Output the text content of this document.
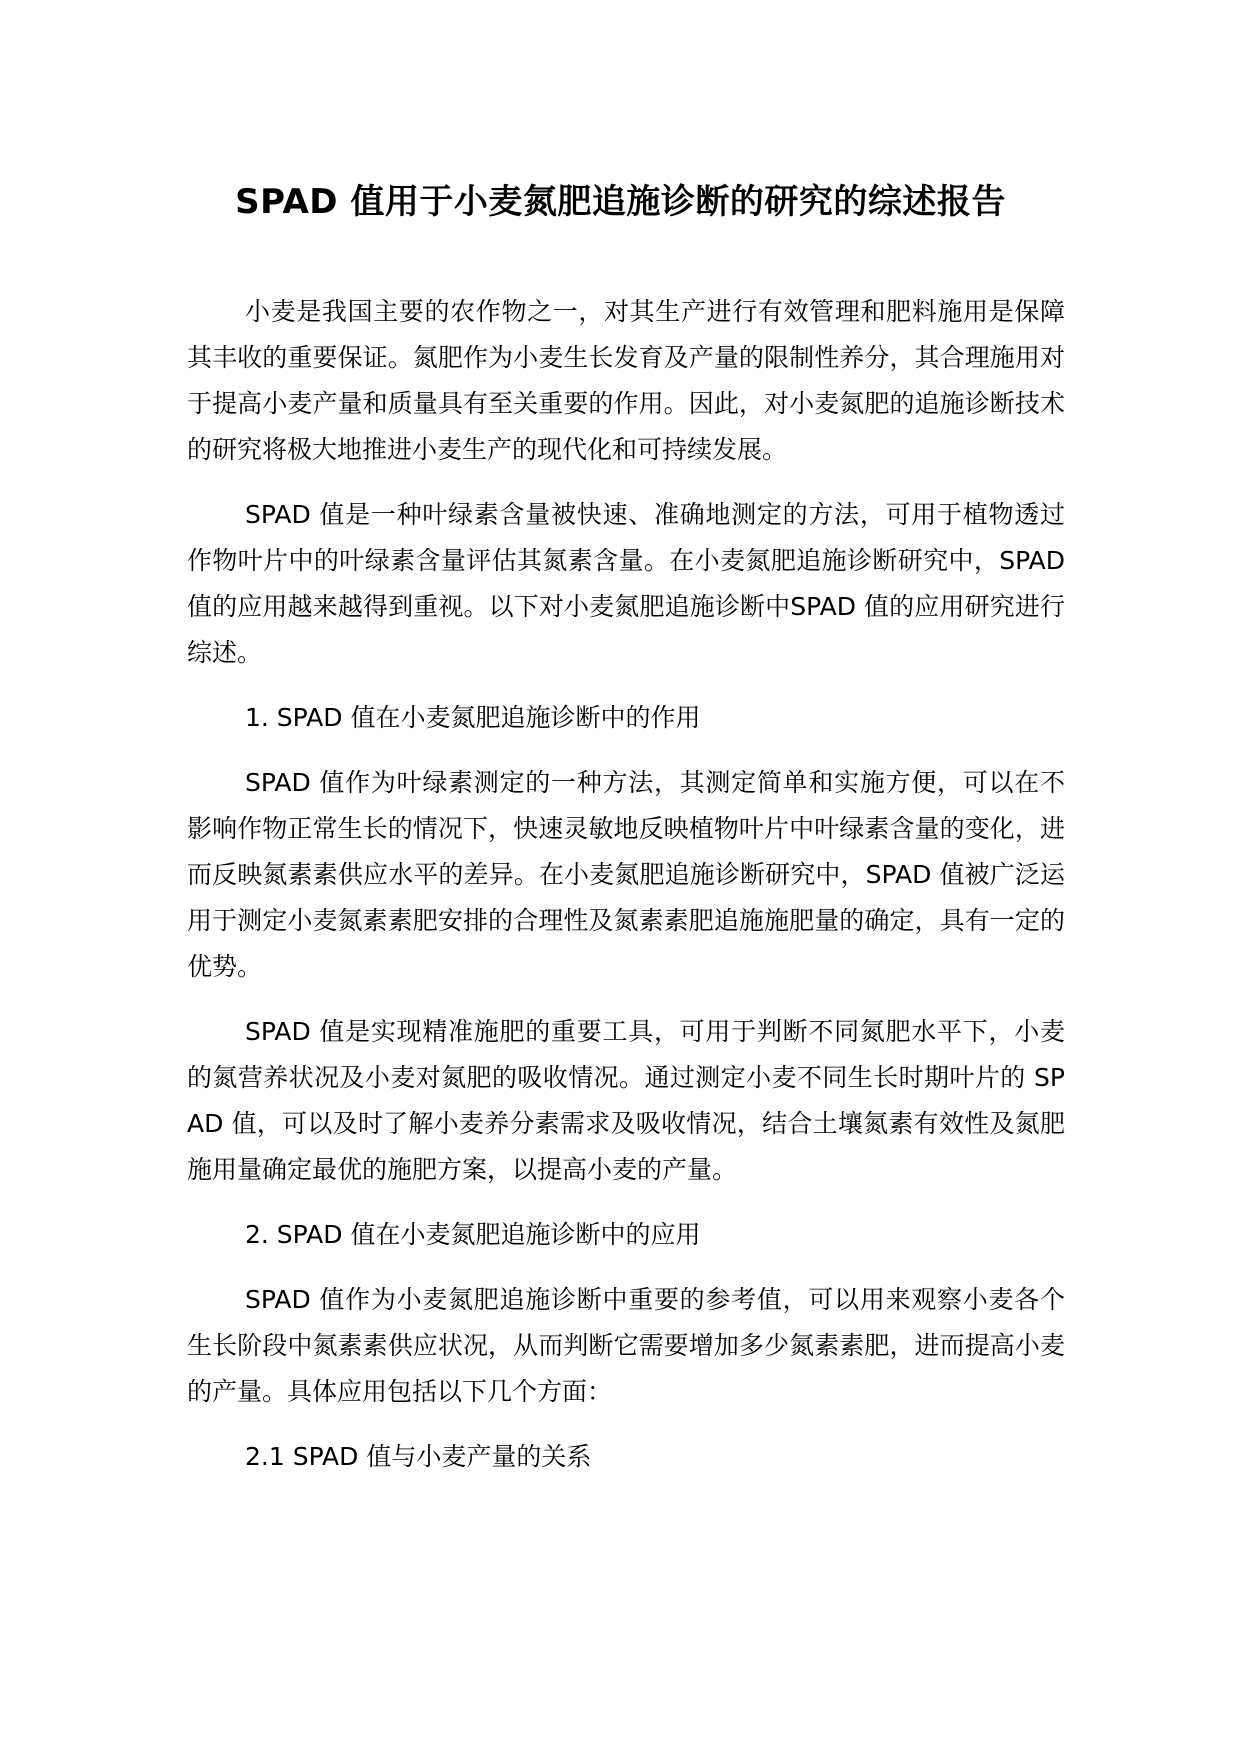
SPAD 值用于小麦氮肥追施诊断的研究的综述报告

小麦是我国主要的农作物之一，对其生产进行有效管理和肥料施用是保障其丰收的重要保证。氮肥作为小麦生长发育及产量的限制性养分，其合理施用对于提高小麦产量和质量具有至关重要的作用。因此，对小麦氮肥的追施诊断技术的研究将极大地推进小麦生产的现代化和可持续发展。

SPAD 值是一种叶绿素含量被快速、准确地测定的方法，可用于植物透过作物叶片中的叶绿素含量评估其氮素含量。在小麦氮肥追施诊断研究中，SPAD 值的应用越来越得到重视。以下对小麦氮肥追施诊断中SPAD 值的应用研究进行综述。

1. SPAD 值在小麦氮肥追施诊断中的作用

SPAD 值作为叶绿素测定的一种方法，其测定简单和实施方便，可以在不影响作物正常生长的情况下，快速灵敏地反映植物叶片中叶绿素含量的变化，进而反映氮素素供应水平的差异。在小麦氮肥追施诊断研究中，SPAD 值被广泛运用于测定小麦氮素素肥安排的合理性及氮素素肥追施施肥量的确定，具有一定的优势。

SPAD 值是实现精准施肥的重要工具，可用于判断不同氮肥水平下，小麦的氮营养状况及小麦对氮肥的吸收情况。通过测定小麦不同生长时期叶片的 SPAD 值，可以及时了解小麦养分素需求及吸收情况，结合土壤氮素有效性及氮肥施用量确定最优的施肥方案，以提高小麦的产量。

2. SPAD 值在小麦氮肥追施诊断中的应用

SPAD 值作为小麦氮肥追施诊断中重要的参考值，可以用来观察小麦各个生长阶段中氮素素供应状况，从而判断它需要增加多少氮素素肥，进而提高小麦的产量。具体应用包括以下几个方面：

2.1 SPAD 值与小麦产量的关系
